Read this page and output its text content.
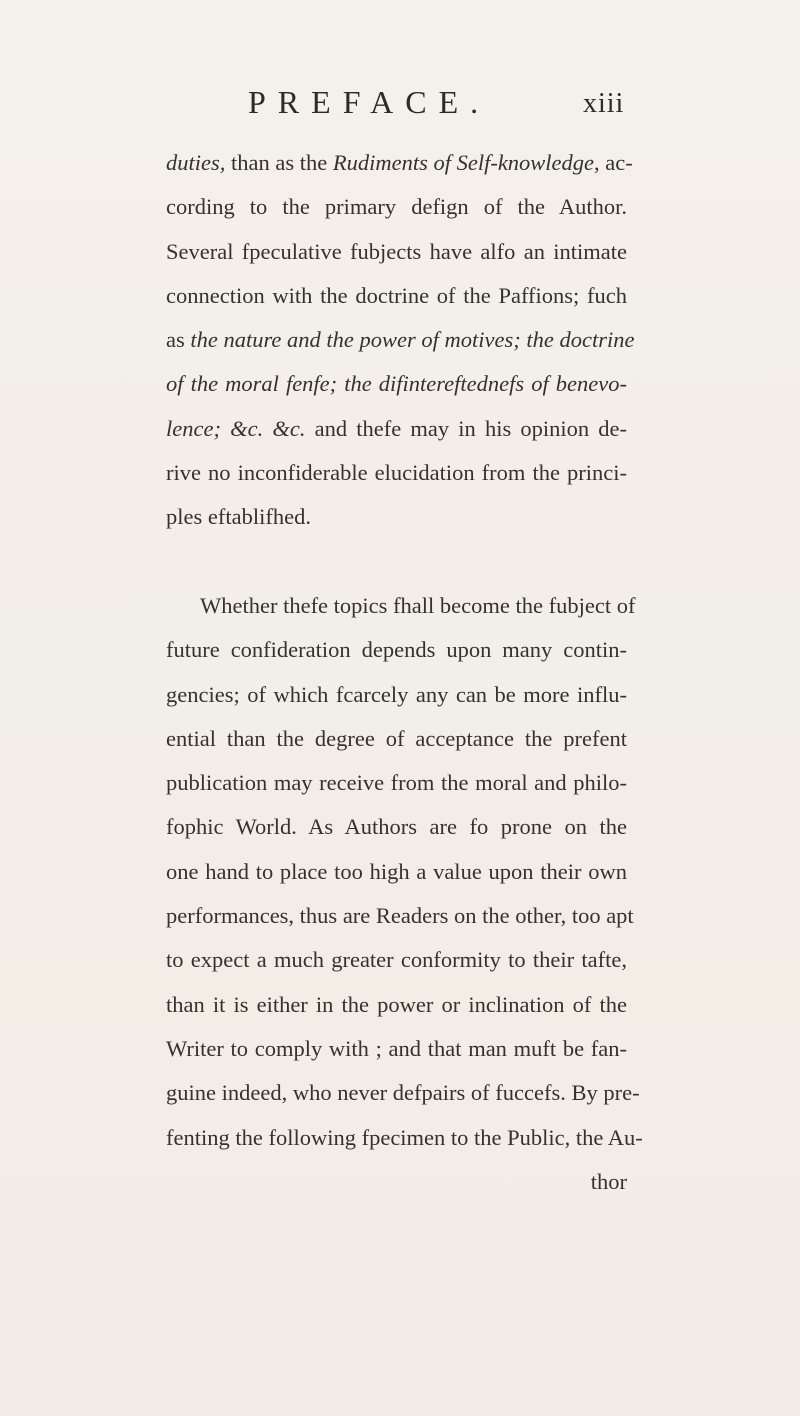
PREFACE.	xiii
duties, than as the Rudiments of Self-knowledge, ac-
cording to the primary defign of the Author.
Several fpeculative fubjects have alfo an intimate
connection with the doctrine of the Paffions; fuch
as the nature and the power of motives; the doctrine
of the moral fenfe; the difintereftednefs of benevo-
lence; &c. &c. and thefe may in his opinion de-
rive no inconfiderable elucidation from the princi-
ples eftablifhed.
Whether thefe topics fhall become the fubject of
future confideration depends upon many contin-
gencies; of which fcarcely any can be more influ-
ential than the degree of acceptance the prefent
publication may receive from the moral and philo-
fophic World. As Authors are fo prone on the
one hand to place too high a value upon their own
performances, thus are Readers on the other, too apt
to expect a much greater conformity to their tafte,
than it is either in the power or inclination of the
Writer to comply with ; and that man muft be fan-
guine indeed, who never defpairs of fuccefs. By pre-
fenting the following fpecimen to the Public, the Au-
thor
